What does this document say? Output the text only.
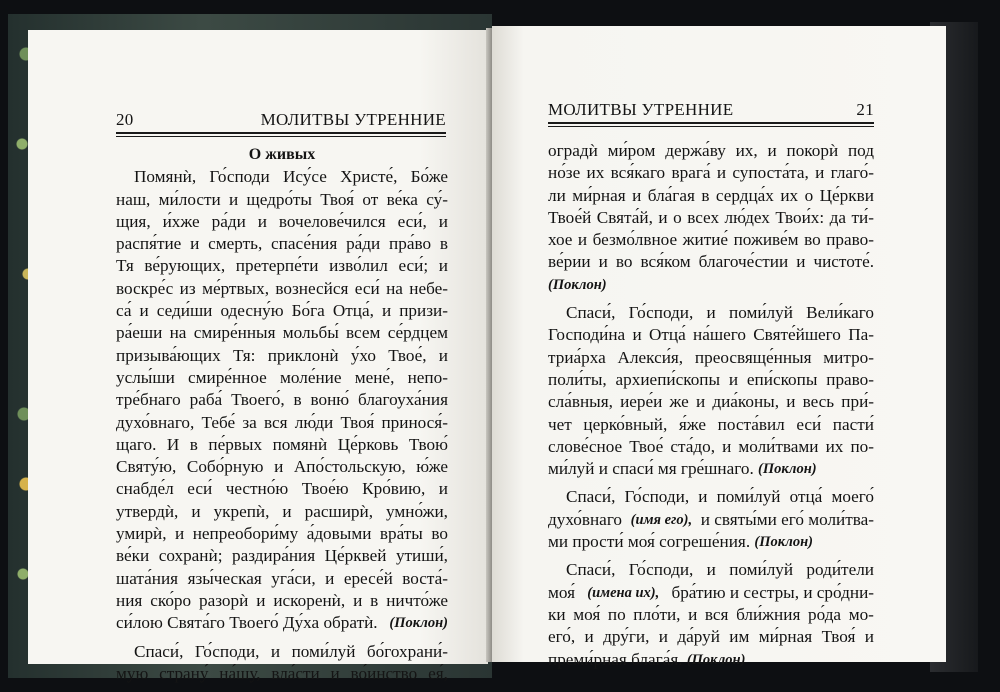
20	МОЛИТВЫ УТРЕННИЕ
О живых
Помянѝ, Го́споди Ису́се Христе́, Бо́же
наш, ми́лости и щедро́ты Твоя́ от ве́ка су́-
щия, и́хже ра́ди и вочелове́чился еси́, и
распя́тие и смерть, спасе́ния ра́ди пра́во в
Тя ве́рующих, претерпе́ти изво́лил еси́; и
воскре́с из ме́ртвых, вознесйся еси́ на небе-
са́ и седи́ши одесну́ю Бо́га Отца́, и призи-
ра́еши на смире́нныя мольбы́ всем се́рдцем
призыва́ющих Тя: приклонѝ у́хо Твое́, и
услы́ши смире́нное моле́ние мене́, непо-
тре́бнаго раба́ Твоего́, в воню́ благоуха́ния
духо́внаго, Тебе́ за вся лю́ди Твоя́ принося́-
щаго. И в пе́рвых помянѝ Це́рковь Твою́
Святу́ю, Собо́рную и Апо́стольскую, ю́же
снабде́л еси́ честно́ю Твое́ю Кро́вию, и
утвердѝ, и укрепѝ, и расширѝ, умно́жи,
умирѝ, и непреобори́му а́довыми вра́ты во
ве́ки сохранѝ; раздира́ния Це́рквей утиши́,
шата́ния язы́ческая уга́си, и ересе́й воста́-
ния ско́ро разорѝ и искоренѝ, и в ничто́же
си́лою Свята́го Твоего́ Ду́ха обратѝ. (Поклон)
Спаси́, Го́споди, и поми́луй бо́гохрани́-
мую страну́ на́шу, вла́сти и во́инство ея́,
МОЛИТВЫ УТРЕННИЕ	21
оградѝ ми́ром держа́ву их, и покорѝ под
но́зе их вся́каго врага́ и супоста́та, и глаго́-
ли ми́рная и бла́гая в сердца́х их о Це́ркви
Твое́й Свята́й, и о всех лю́дех Твои́х: да ти́-
хое и безмо́лвное житие́ поживе́м во право-
ве́рии и во вся́ком благоче́стии и чистоте́.
(Поклон)
Спаси́, Го́споди, и поми́луй Вели́каго
Господи́на и Отца́ на́шего Святе́йшего Па-
триа́рха Алекси́я, преосвяще́нныя митро-
поли́ты, архиепи́скопы и епи́скопы право-
сла́вныя, иере́и же и диа́коны, и весь при́-
чет церко́вный, я́же поста́вил еси́ пасти́
слове́сное Твое́ ста́до, и моли́твами их по-
ми́луй и спаси́ мя гре́шнаго.
(Поклон)
Спаси́, Го́споди, и поми́луй отца́ моего́
духо́внаго (имя его), и святы́ми его́ моли́тва-
ми прости́ моя́ согреше́ния.
(Поклон)
Спаси́, Го́споди, и поми́луй роди́тели
моя́ (имена их), бра́тию и сестры, и сро́дни-
ки моя́ по пло́ти, и вся бли́жния ро́да мо-
его́, и дру́ги, и да́руй им ми́рная Твоя́ и
преми́рная блага́я.
(Поклон)
